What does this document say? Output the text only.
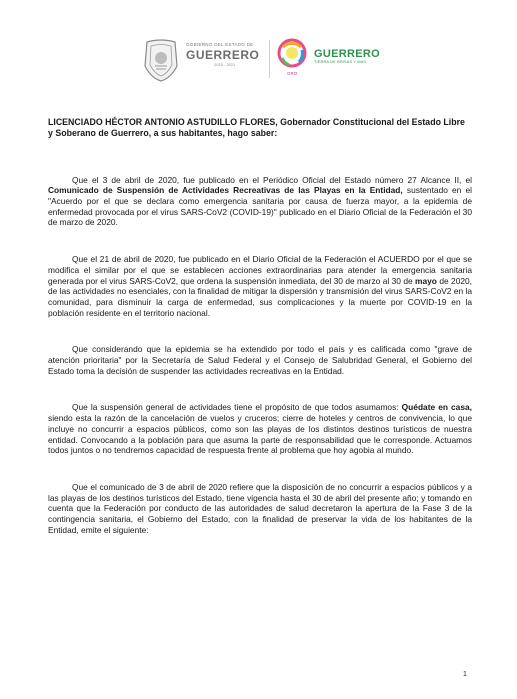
GOBIERNO DEL ESTADO DE
GUERRERO
2015 - 2021
GRO
GUERRERO
TIERRA DE BRISAS Y MAS

LICENCIADO HÉCTOR ANTONIO ASTUDILLO FLORES, Gobernador Constitucional del Estado Libre y Soberano de Guerrero, a sus habitantes, hago saber:

Que el 3 de abril de 2020, fue publicado en el Periódico Oficial del Estado número 27 Alcance II, el Comunicado de Suspensión de Actividades Recreativas de las Playas en la Entidad, sustentado en el "Acuerdo por el que se declara como emergencia sanitaria por causa de fuerza mayor, a la epidemia de enfermedad provocada por el virus SARS-CoV2 (COVID-19)" publicado en el Diario Oficial de la Federación el 30 de marzo de 2020.

Que el 21 de abril de 2020, fue publicado en el Diario Oficial de la Federación el ACUERDO por el que se modifica el similar por el que se establecen acciones extraordinarias para atender la emergencia sanitaria generada por el virus SARS-CoV2, que ordena la suspensión inmediata, del 30 de marzo al 30 de mayo de 2020, de las actividades no esenciales, con la finalidad de mitigar la dispersión y transmisión del virus SARS-CoV2 en la comunidad, para disminuir la carga de enfermedad, sus complicaciones y la muerte por COVID-19 en la población residente en el territorio nacional.

Que considerando que la epidemia se ha extendido por todo el país y es calificada como "grave de atención prioritaria" por la Secretaría de Salud Federal y el Consejo de Salubridad General, el Gobierno del Estado toma la decisión de suspender las actividades recreativas en la Entidad.

Que la suspensión general de actividades tiene el propósito de que todos asumamos: Quédate en casa, siendo esta la razón de la cancelación de vuelos y cruceros; cierre de hoteles y centros de convivencia, lo que incluye no concurrir a espacios públicos, como son las playas de los distintos destinos turísticos de nuestra entidad. Convocando a la población para que asuma la parte de responsabilidad que le corresponde. Actuamos todos juntos o no tendremos capacidad de respuesta frente al problema que hoy agobia al mundo.

Que el comunicado de 3 de abril de 2020 refiere que la disposición de no concurrir a espacios públicos y a las playas de los destinos turísticos del Estado, tiene vigencia hasta el 30 de abril del presente año; y tomando en cuenta que la Federación por conducto de las autoridades de salud decretaron la apertura de la Fase 3 de la contingencia sanitaria, el Gobierno del Estado, con la finalidad de preservar la vida de los habitantes de la Entidad, emite el siguiente:

1
